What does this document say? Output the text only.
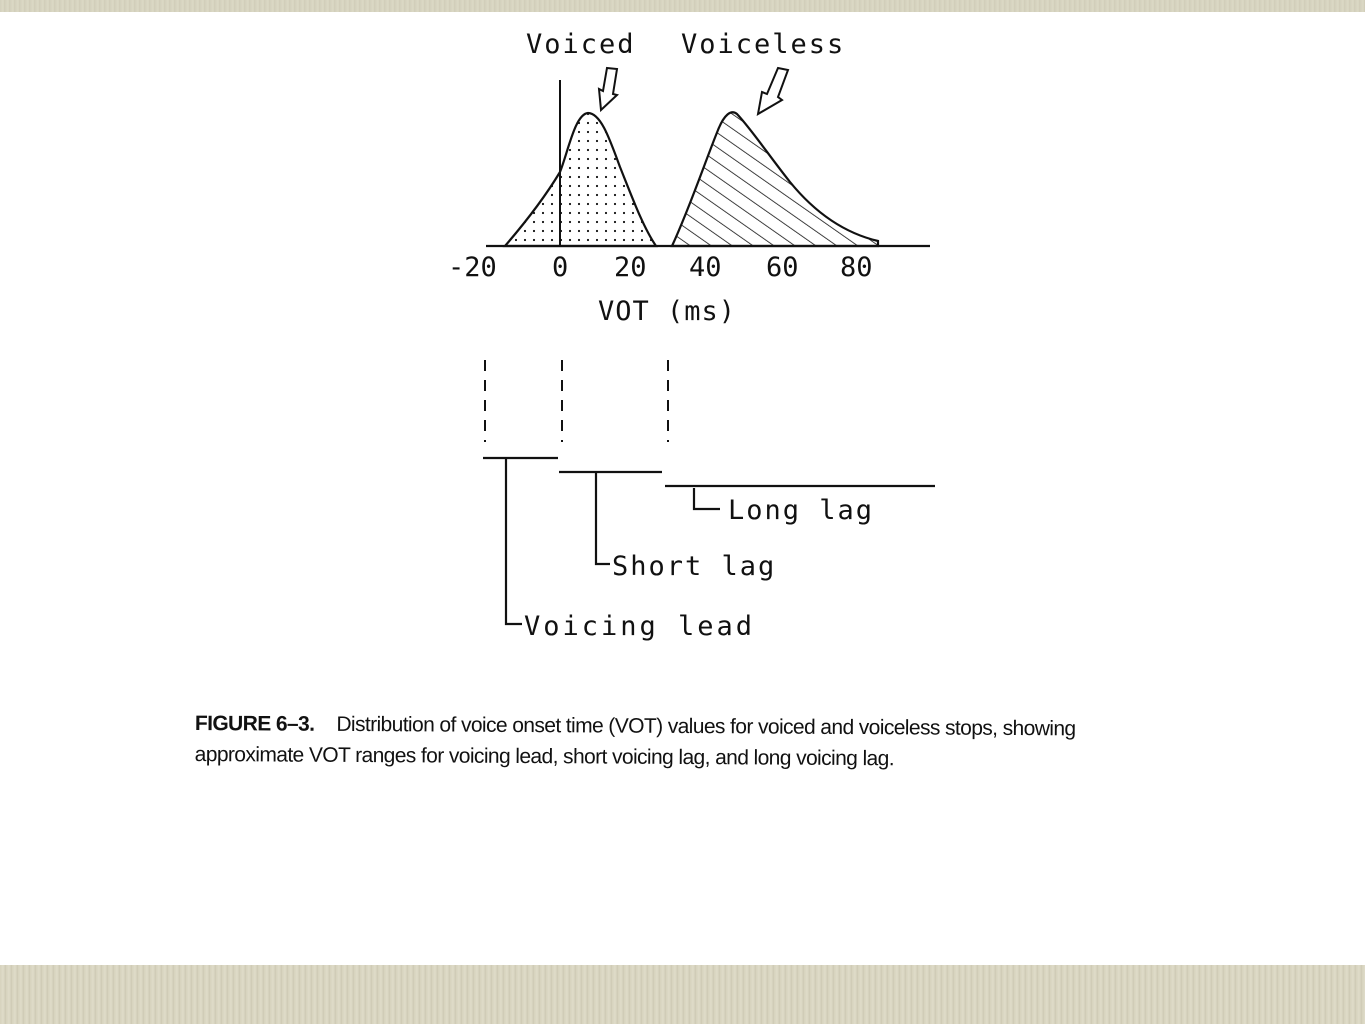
Voiced Voiceless
-20 0 20 40 60 80
VOT (ms)
Long lag
Short lag
Voicing lead
FIGURE 6–3. Distribution of voice onset time (VOT) values for voiced and voiceless stops, showing approximate VOT ranges for voicing lead, short voicing lag, and long voicing lag.
